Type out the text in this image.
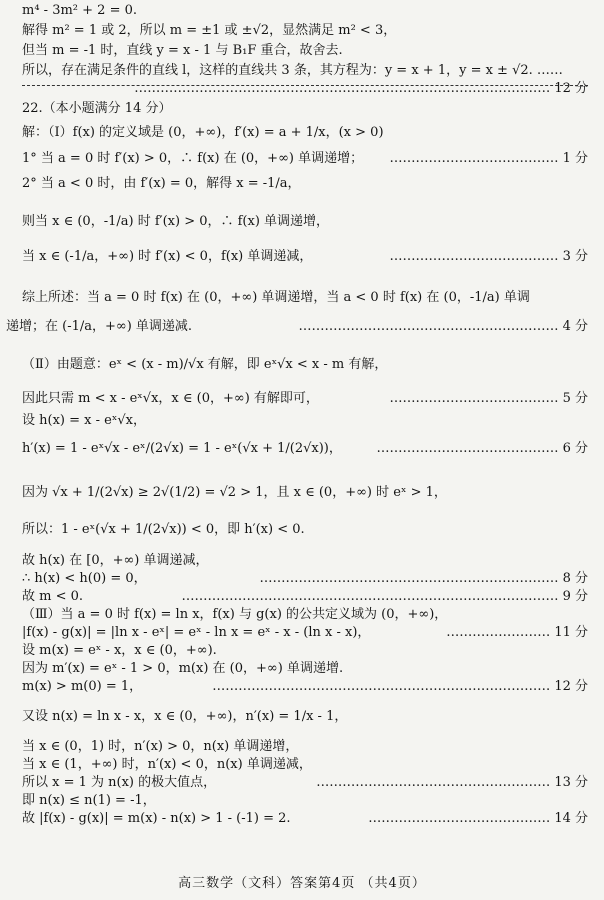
m⁴ - 3m² + 2 = 0.
解得 m² = 1 或 2，所以 m = ±1 或 ±√2，显然满足 m² < 3，
但当 m = -1 时，直线 y = x - 1 与 B₁F 重合，故舍去.
所以，存在满足条件的直线 l，这样的直线共 3 条，其方程为：y = x + 1，y = x ± √2. ……
…………………………………………………………………………………… 12 分
22.（本小题满分 14 分）
解：（Ⅰ）f(x) 的定义域是 (0，+∞)，f′(x) = a + 1/x，(x > 0)
1° 当 a = 0 时 f′(x) > 0，∴ f(x) 在 (0，+∞) 单调递增； ………………………………… 1 分
2° 当 a < 0 时，由 f′(x) = 0，解得 x = -1/a，
则当 x ∈ (0，-1/a) 时 f′(x) > 0，∴ f(x) 单调递增，
当 x ∈ (-1/a，+∞) 时 f′(x) < 0，f(x) 单调递减，	………………………………… 3 分
综上所述：当 a = 0 时 f(x) 在 (0，+∞) 单调递增，当 a < 0 时 f(x) 在 (0，-1/a) 单调
递增；在 (-1/a，+∞) 单调递减.	…………………………………………………… 4 分
（Ⅱ）由题意：eˣ < (x - m)/√x 有解，即 eˣ√x < x - m 有解，
因此只需 m < x - eˣ√x，x ∈ (0，+∞) 有解即可，	………………………………… 5 分
设 h(x) = x - eˣ√x，
h′(x) = 1 - eˣ√x - eˣ/(2√x) = 1 - eˣ(√x + 1/(2√x))，	…………………………………… 6 分
因为 √x + 1/(2√x) ≥ 2√(1/2) = √2 > 1，且 x ∈ (0，+∞) 时 eˣ > 1，
所以：1 - eˣ(√x + 1/(2√x)) < 0，即 h′(x) < 0.
故 h(x) 在 [0，+∞) 单调递减，
∴ h(x) < h(0) = 0，	…………………………………………………………… 8 分
故 m < 0.	…………………………………………………………………………… 9 分
（Ⅲ）当 a = 0 时 f(x) = ln x，f(x) 与 g(x) 的公共定义域为 (0，+∞)，
|f(x) - g(x)| = |ln x - eˣ| = eˣ - ln x = eˣ - x - (ln x - x)，	…………………… 11 分
设 m(x) = eˣ - x，x ∈ (0，+∞).
因为 m′(x) = eˣ - 1 > 0，m(x) 在 (0，+∞) 单调递增.
m(x) > m(0) = 1，	…………………………………………………………………… 12 分
又设 n(x) = ln x - x，x ∈ (0，+∞)，n′(x) = 1/x - 1，
当 x ∈ (0，1) 时，n′(x) > 0，n(x) 单调递增，
当 x ∈ (1，+∞) 时，n′(x) < 0，n(x) 单调递减，
所以 x = 1 为 n(x) 的极大值点，	……………………………………………… 13 分
即 n(x) ≤ n(1) = -1，
故 |f(x) - g(x)| = m(x) - n(x) > 1 - (-1) = 2.	…………………………………… 14 分
高三数学（文科）答案第4页 （共4页）
